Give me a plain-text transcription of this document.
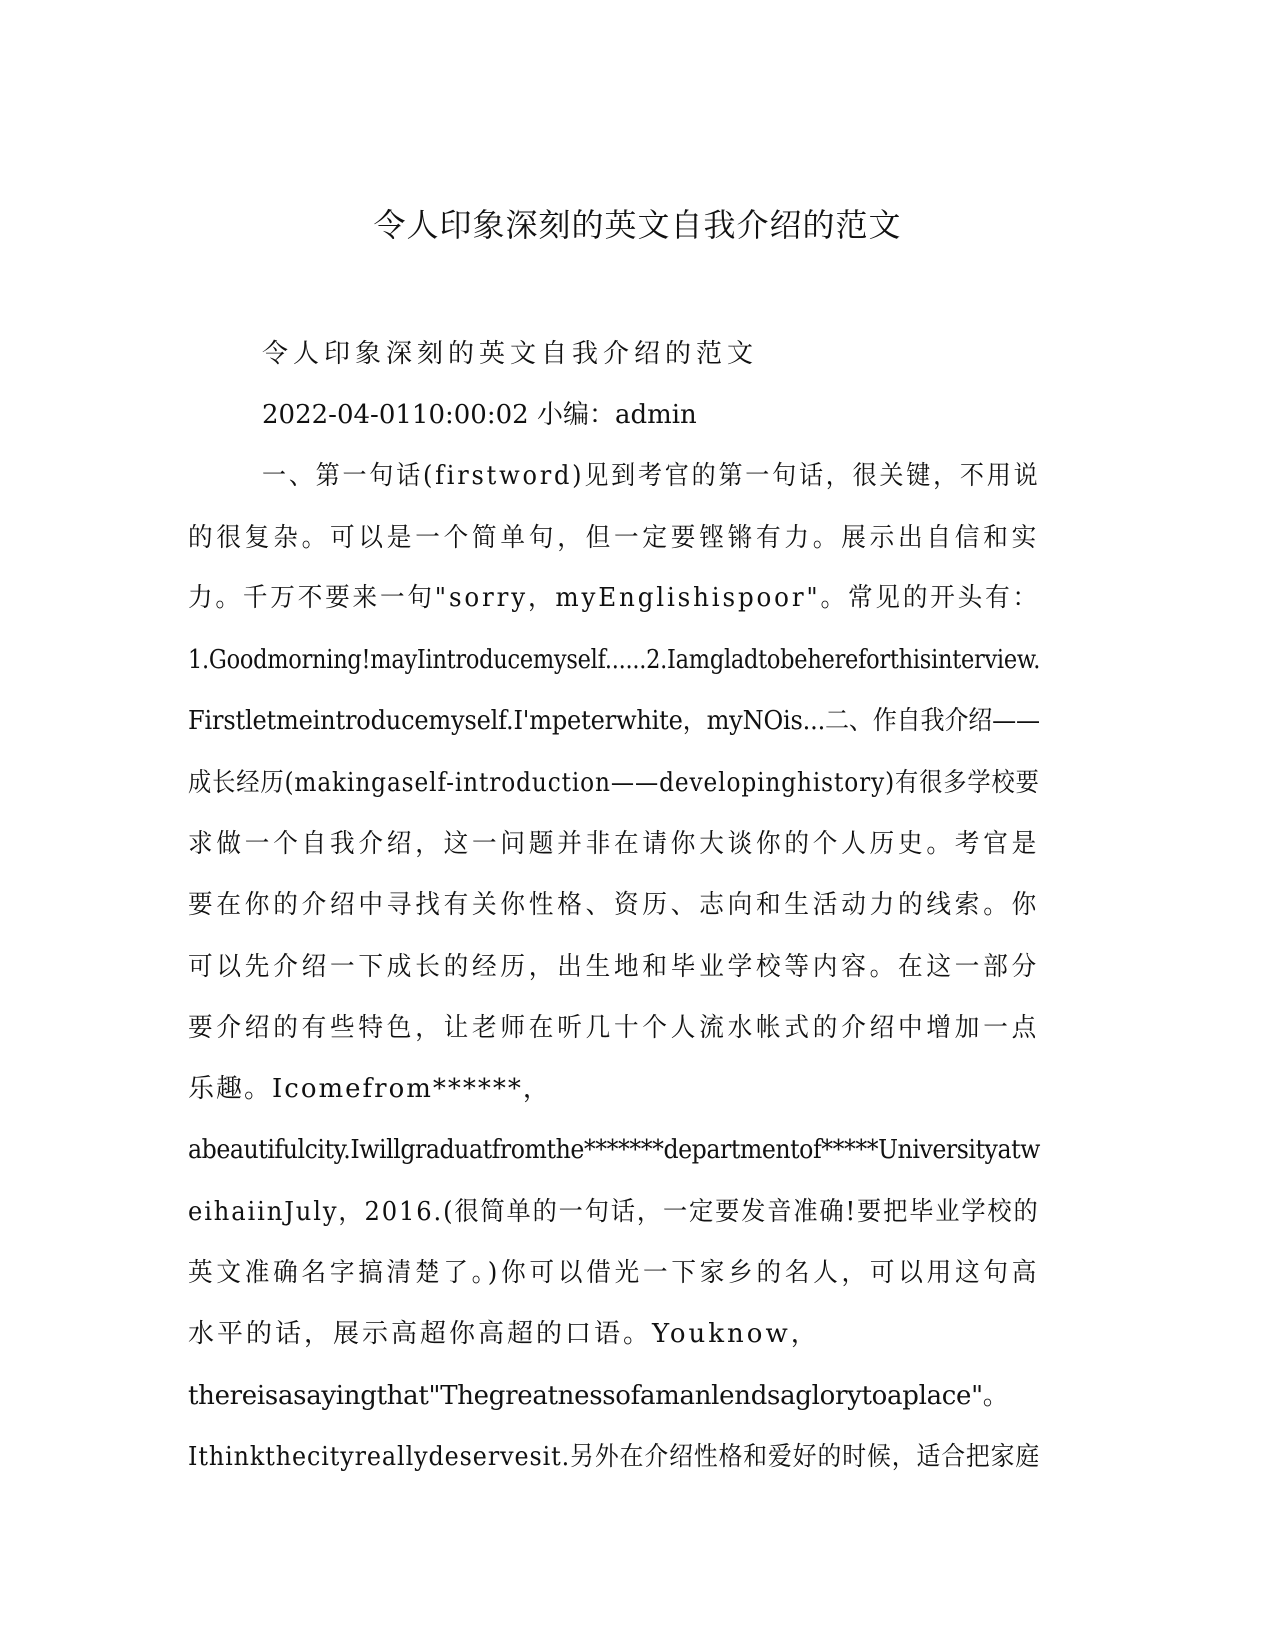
令人印象深刻的英文自我介绍的范文
令人印象深刻的英文自我介绍的范文
2022-04-0110:00:02 小编：admin
一、第一句话(firstword)见到考官的第一句话，很关键，不用说
的很复杂。可以是一个简单句，但一定要铿锵有力。展示出自信和实
力。千万不要来一句"sorry，myEnglishispoor"。常见的开头有：
1.Goodmorning!mayIintroducemyself......2.Iamgladtobehereforthisinterview.
Firstletmeintroducemyself.I'mpeterwhite，myNOis...二、作自我介绍——
成长经历(makingaself-introduction——developinghistory)有很多学校要
求做一个自我介绍，这一问题并非在请你大谈你的个人历史。考官是
要在你的介绍中寻找有关你性格、资历、志向和生活动力的线索。你
可以先介绍一下成长的经历，出生地和毕业学校等内容。在这一部分
要介绍的有些特色，让老师在听几十个人流水帐式的介绍中增加一点
乐趣。Icomefrom******，
abeautifulcity.Iwillgraduatfromthe*******departmentof*****Universityatw
eihaiinJuly，2016.(很简单的一句话，一定要发音准确!要把毕业学校的
英文准确名字搞清楚了。)你可以借光一下家乡的名人，可以用这句高
水平的话，展示高超你高超的口语。Youknow，
thereisasayingthat"Thegreatnessofamanlendsaglorytoaplace"。
Ithinkthecityreallydeservesit.另外在介绍性格和爱好的时候，适合把家庭
